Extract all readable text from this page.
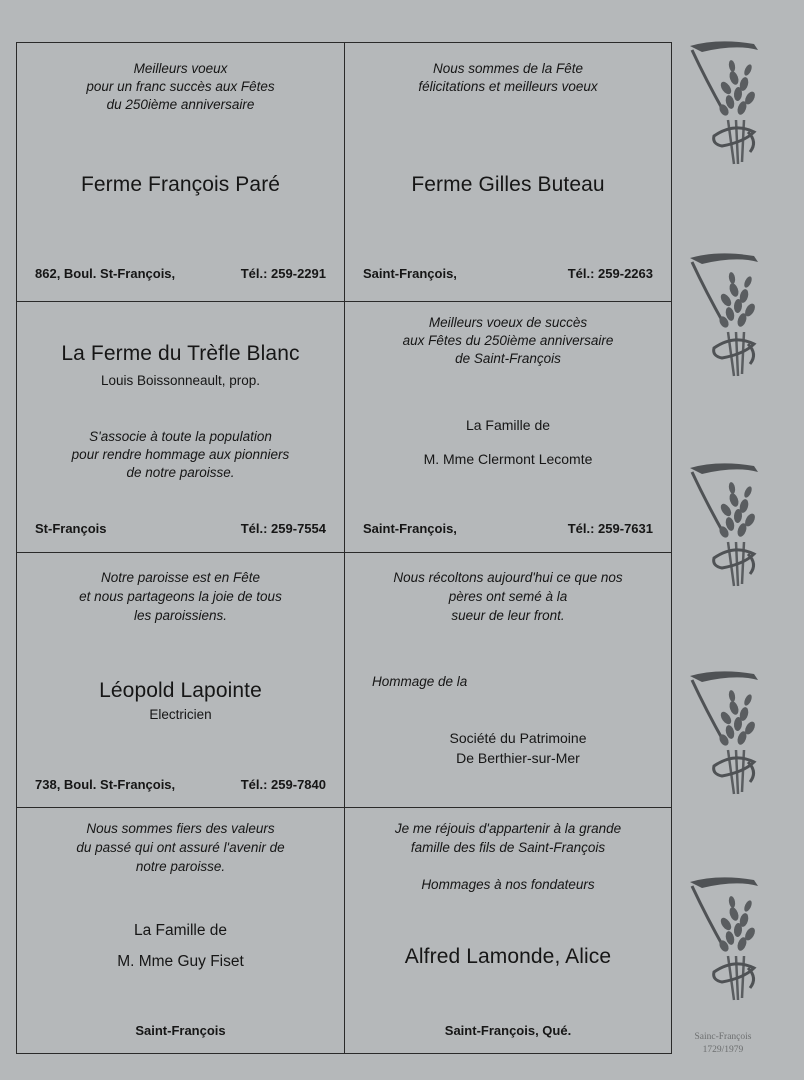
Meilleurs voeux

pour un franc succès aux Fêtes

du 250ième anniversaire

Ferme François Paré

862, Boul. St-François,	Tél.: 259-2291

Nous sommes de la Fête

félicitations et meilleurs voeux

Ferme Gilles Buteau

Saint-François,	Tél.: 259-2263

La Ferme du Trèfle Blanc

Louis Boissonneault, prop.

S'associe à toute la population

pour rendre hommage aux pionniers

de notre paroisse.

St-François	Tél.: 259-7554

Meilleurs voeux de succès

aux Fêtes du 250ième anniversaire

de Saint-François

La Famille de

M. Mme Clermont Lecomte

Saint-François,	Tél.: 259-7631

Notre paroisse est en Fête

et nous partageons la joie de tous

les paroissiens.

Léopold Lapointe

Electricien

738, Boul. St-François,	Tél.: 259-7840

Nous récoltons aujourd'hui ce que nos

pères ont semé à la

sueur de leur front.

Hommage de la

Société du Patrimoine

De Berthier-sur-Mer

Nous sommes fiers des valeurs

du passé qui ont assuré l'avenir de

notre paroisse.

La Famille de

M. Mme Guy Fiset

Saint-François

Je me réjouis d'appartenir à la grande

famille des fils de Saint-François

Hommages à nos fondateurs

Alfred Lamonde, Alice

Saint-François, Qué.	Sainc-François
1729/1979
